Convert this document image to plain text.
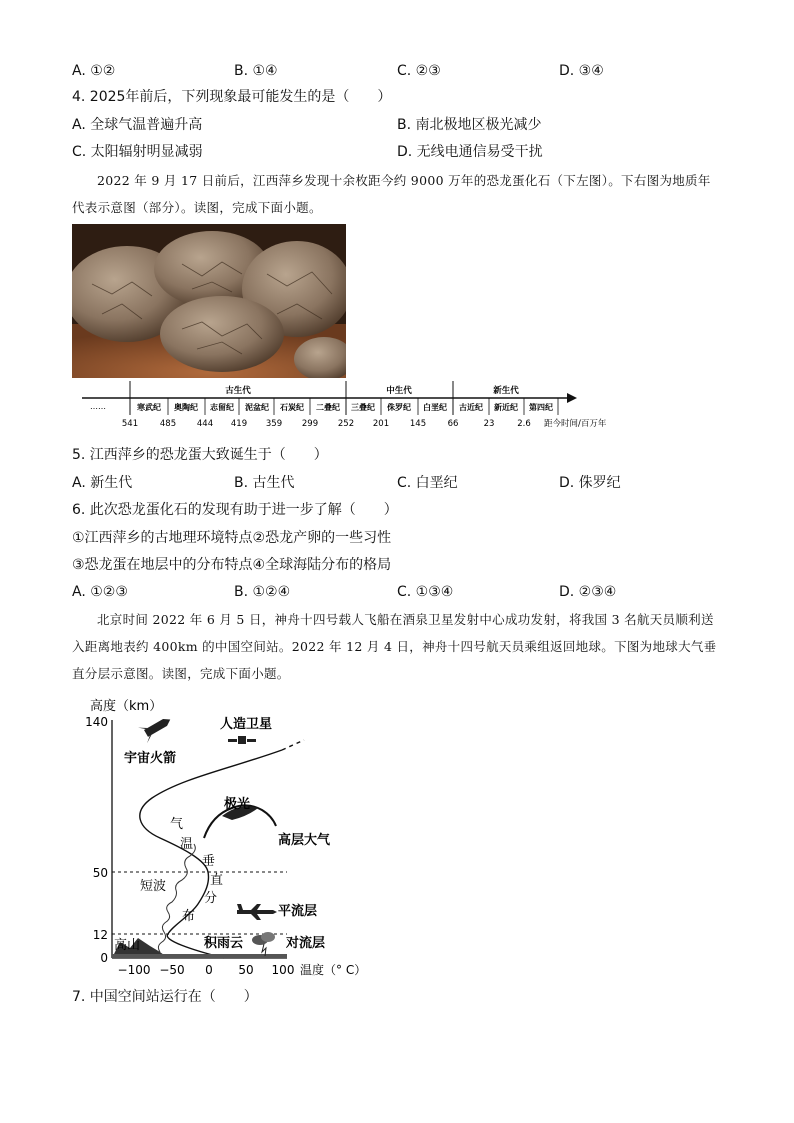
A. ①②	B. ①④	C. ②③	D. ③④
4. 2025年前后，下列现象最可能发生的是（　　）
A. 全球气温普遍升高	B. 南北极地区极光减少
C. 太阳辐射明显减弱	D. 无线电通信易受干扰
2022 年 9 月 17 日前后，江西萍乡发现十余枚距今约 9000 万年的恐龙蛋化石（下左图）。下右图为地质年代表示意图（部分）。读图，完成下面小题。
……
古生代	中生代	新生代
寒武纪 奥陶纪 志留纪 泥盆纪 石炭纪 二叠纪 三叠纪 侏罗纪 白垩纪 古近纪 新近纪 第四纪
541	485 444 419 359 299 252 201 145	66	23	2.6 距今时间/百万年
5. 江西萍乡的恐龙蛋大致诞生于（　　）
A. 新生代	B. 古生代	C. 白垩纪	D. 侏罗纪
6. 此次恐龙蛋化石的发现有助于进一步了解（　　）
①江西萍乡的古地理环境特点②恐龙产卵的一些习性
③恐龙蛋在地层中的分布特点④全球海陆分布的格局
A. ①②③	B. ①②④	C. ①③④	D. ②③④
北京时间 2022 年 6 月 5 日，神舟十四号载人飞船在酒泉卫星发射中心成功发射，将我国 3 名航天员顺利送入距离地表约 400km 的中国空间站。2022 年 12 月 4 日，神舟十四号航天员乘组返回地球。下图为地球大气垂直分层示意图。读图，完成下面小题。
高度（km）
140
50
12
0
−100 −50 0 50 100 温度（° C）
宇宙火箭
人造卫星
极光
高层大气
气
温
垂
直
分
布
短波
平流层
高山	积雨云	对流层
7. 中国空间站运行在（　　）
